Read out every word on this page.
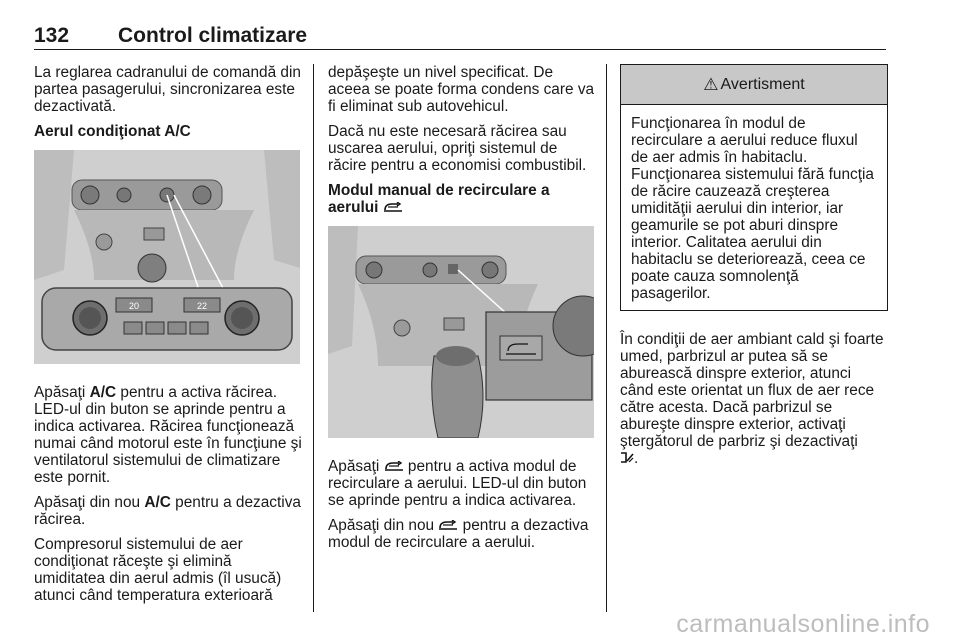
132 Control climatizare

La reglarea cadranului de comandă din partea pasagerului, sincronizarea este dezactivată.

Aerul condiţionat A/C

20	22

Apăsaţi A/C pentru a activa răcirea. LED-ul din buton se aprinde pentru a indica activarea. Răcirea funcţionează numai când motorul este în funcţiune şi ventilatorul sistemului de climatizare este pornit.

Apăsaţi din nou A/C pentru a dezactiva răcirea.

Compresorul sistemului de aer condiţionat răceşte şi elimină umiditatea din aerul admis (îl usucă) atunci când temperatura exterioară

depăşeşte un nivel specificat. De aceea se poate forma condens care va fi eliminat sub autovehicul.

Dacă nu este necesară răcirea sau uscarea aerului, opriţi sistemul de răcire pentru a economisi combustibil.

Modul manual de recirculare a aerului

Apăsaţi  pentru a activa modul de recirculare a aerului. LED-ul din buton se aprinde pentru a indica activarea.

Apăsaţi din nou  pentru a dezactiva modul de recirculare a aerului.

⚠ Avertisment
Funcţionarea în modul de recirculare a aerului reduce fluxul de aer admis în habitaclu. Funcţionarea sistemului fără funcţia de răcire cauzează creşterea umidităţii aerului din interior, iar geamurile se pot aburi dinspre interior. Calitatea aerului din habitaclu se deteriorează, ceea ce poate cauza somnolenţă pasagerilor.

În condiţii de aer ambiant cald şi foarte umed, parbrizul ar putea să se aburească dinspre exterior, atunci când este orientat un flux de aer rece către acesta. Dacă parbrizul se abureşte dinspre exterior, activaţi ştergătorul de parbriz şi dezactivaţi
.

carmanualsonline.info
